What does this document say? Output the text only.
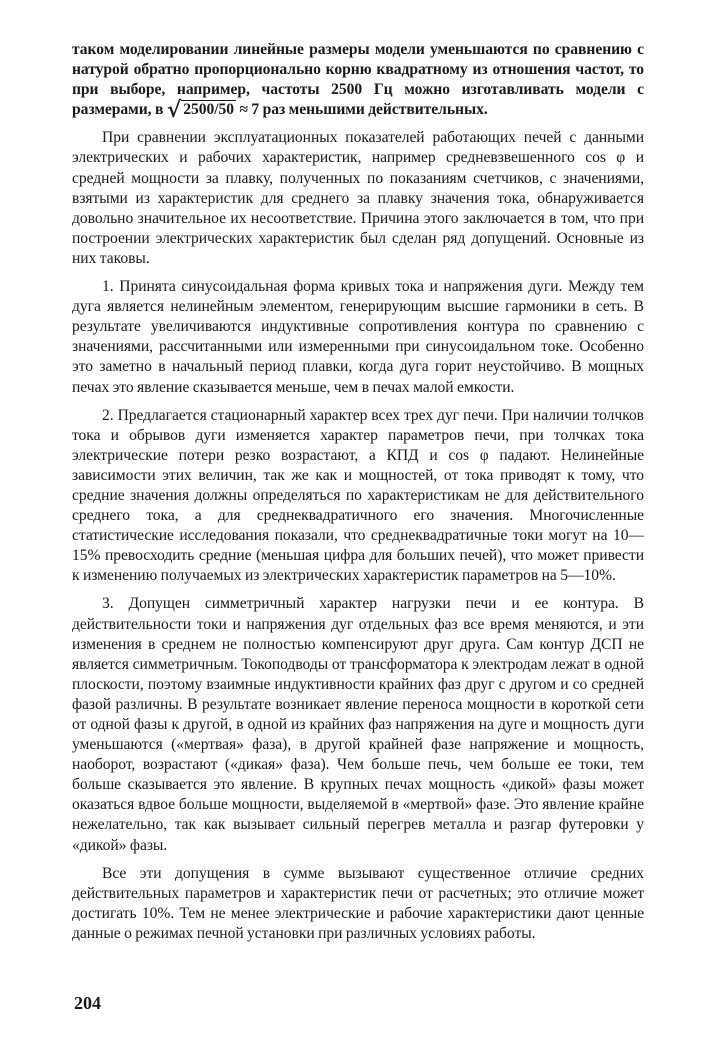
таком моделировании линейные размеры модели уменьшаются по сравнению с натурой обратно пропорционально корню квадратному из отношения частот, то при выборе, например, частоты 2500 Гц можно изготавливать модели с размерами, в √ 2500/50 ≈ 7 раз меньшими действительных.

При сравнении эксплуатационных показателей работающих печей с данными электрических и рабочих характеристик, например средневзвешенного cos φ и средней мощности за плавку, полученных по показаниям счетчиков, с значениями, взятыми из характеристик для среднего за плавку значения тока, обнаруживается довольно значительное их несоответствие. Причина этого заключается в том, что при построении электрических характеристик был сделан ряд допущений. Основные из них таковы.

1. Принята синусоидальная форма кривых тока и напряжения дуги. Между тем дуга является нелинейным элементом, генерирующим высшие гармоники в сеть. В результате увеличиваются индуктивные сопротивления контура по сравнению с значениями, рассчитанными или измеренными при синусоидальном токе. Особенно это заметно в начальный период плавки, когда дуга горит неустойчиво. В мощных печах это явление сказывается меньше, чем в печах малой емкости.

2. Предлагается стационарный характер всех трех дуг печи. При наличии толчков тока и обрывов дуги изменяется характер параметров печи, при толчках тока электрические потери резко возрастают, а КПД и cos φ падают. Нелинейные зависимости этих величин, так же как и мощностей, от тока приводят к тому, что средние значения должны определяться по характеристикам не для действительного среднего тока, а для среднеквадратичного его значения. Многочисленные статистические исследования показали, что среднеквадратичные токи могут на 10—15% превосходить средние (меньшая цифра для больших печей), что может привести к изменению получаемых из электрических характеристик параметров на 5—10%.

3. Допущен симметричный характер нагрузки печи и ее контура. В действительности токи и напряжения дуг отдельных фаз все время меняются, и эти изменения в среднем не полностью компенсируют друг друга. Сам контур ДСП не является симметричным. Токоподводы от трансформатора к электродам лежат в одной плоскости, поэтому взаимные индуктивности крайних фаз друг с другом и со средней фазой различны. В результате возникает явление переноса мощности в короткой сети от одной фазы к другой, в одной из крайних фаз напряжения на дуге и мощность дуги уменьшаются («мертвая» фаза), в другой крайней фазе напряжение и мощность, наоборот, возрастают («дикая» фаза). Чем больше печь, чем больше ее токи, тем больше сказывается это явление. В крупных печах мощность «дикой» фазы может оказаться вдвое больше мощности, выделяемой в «мертвой» фазе. Это явление крайне нежелательно, так как вызывает сильный перегрев металла и разгар футеровки у «дикой» фазы.

Все эти допущения в сумме вызывают существенное отличие средних действительных параметров и характеристик печи от расчетных; это отличие может достигать 10%. Тем не менее электрические и рабочие характеристики дают ценные данные о режимах печной установки при различных условиях работы.

204
